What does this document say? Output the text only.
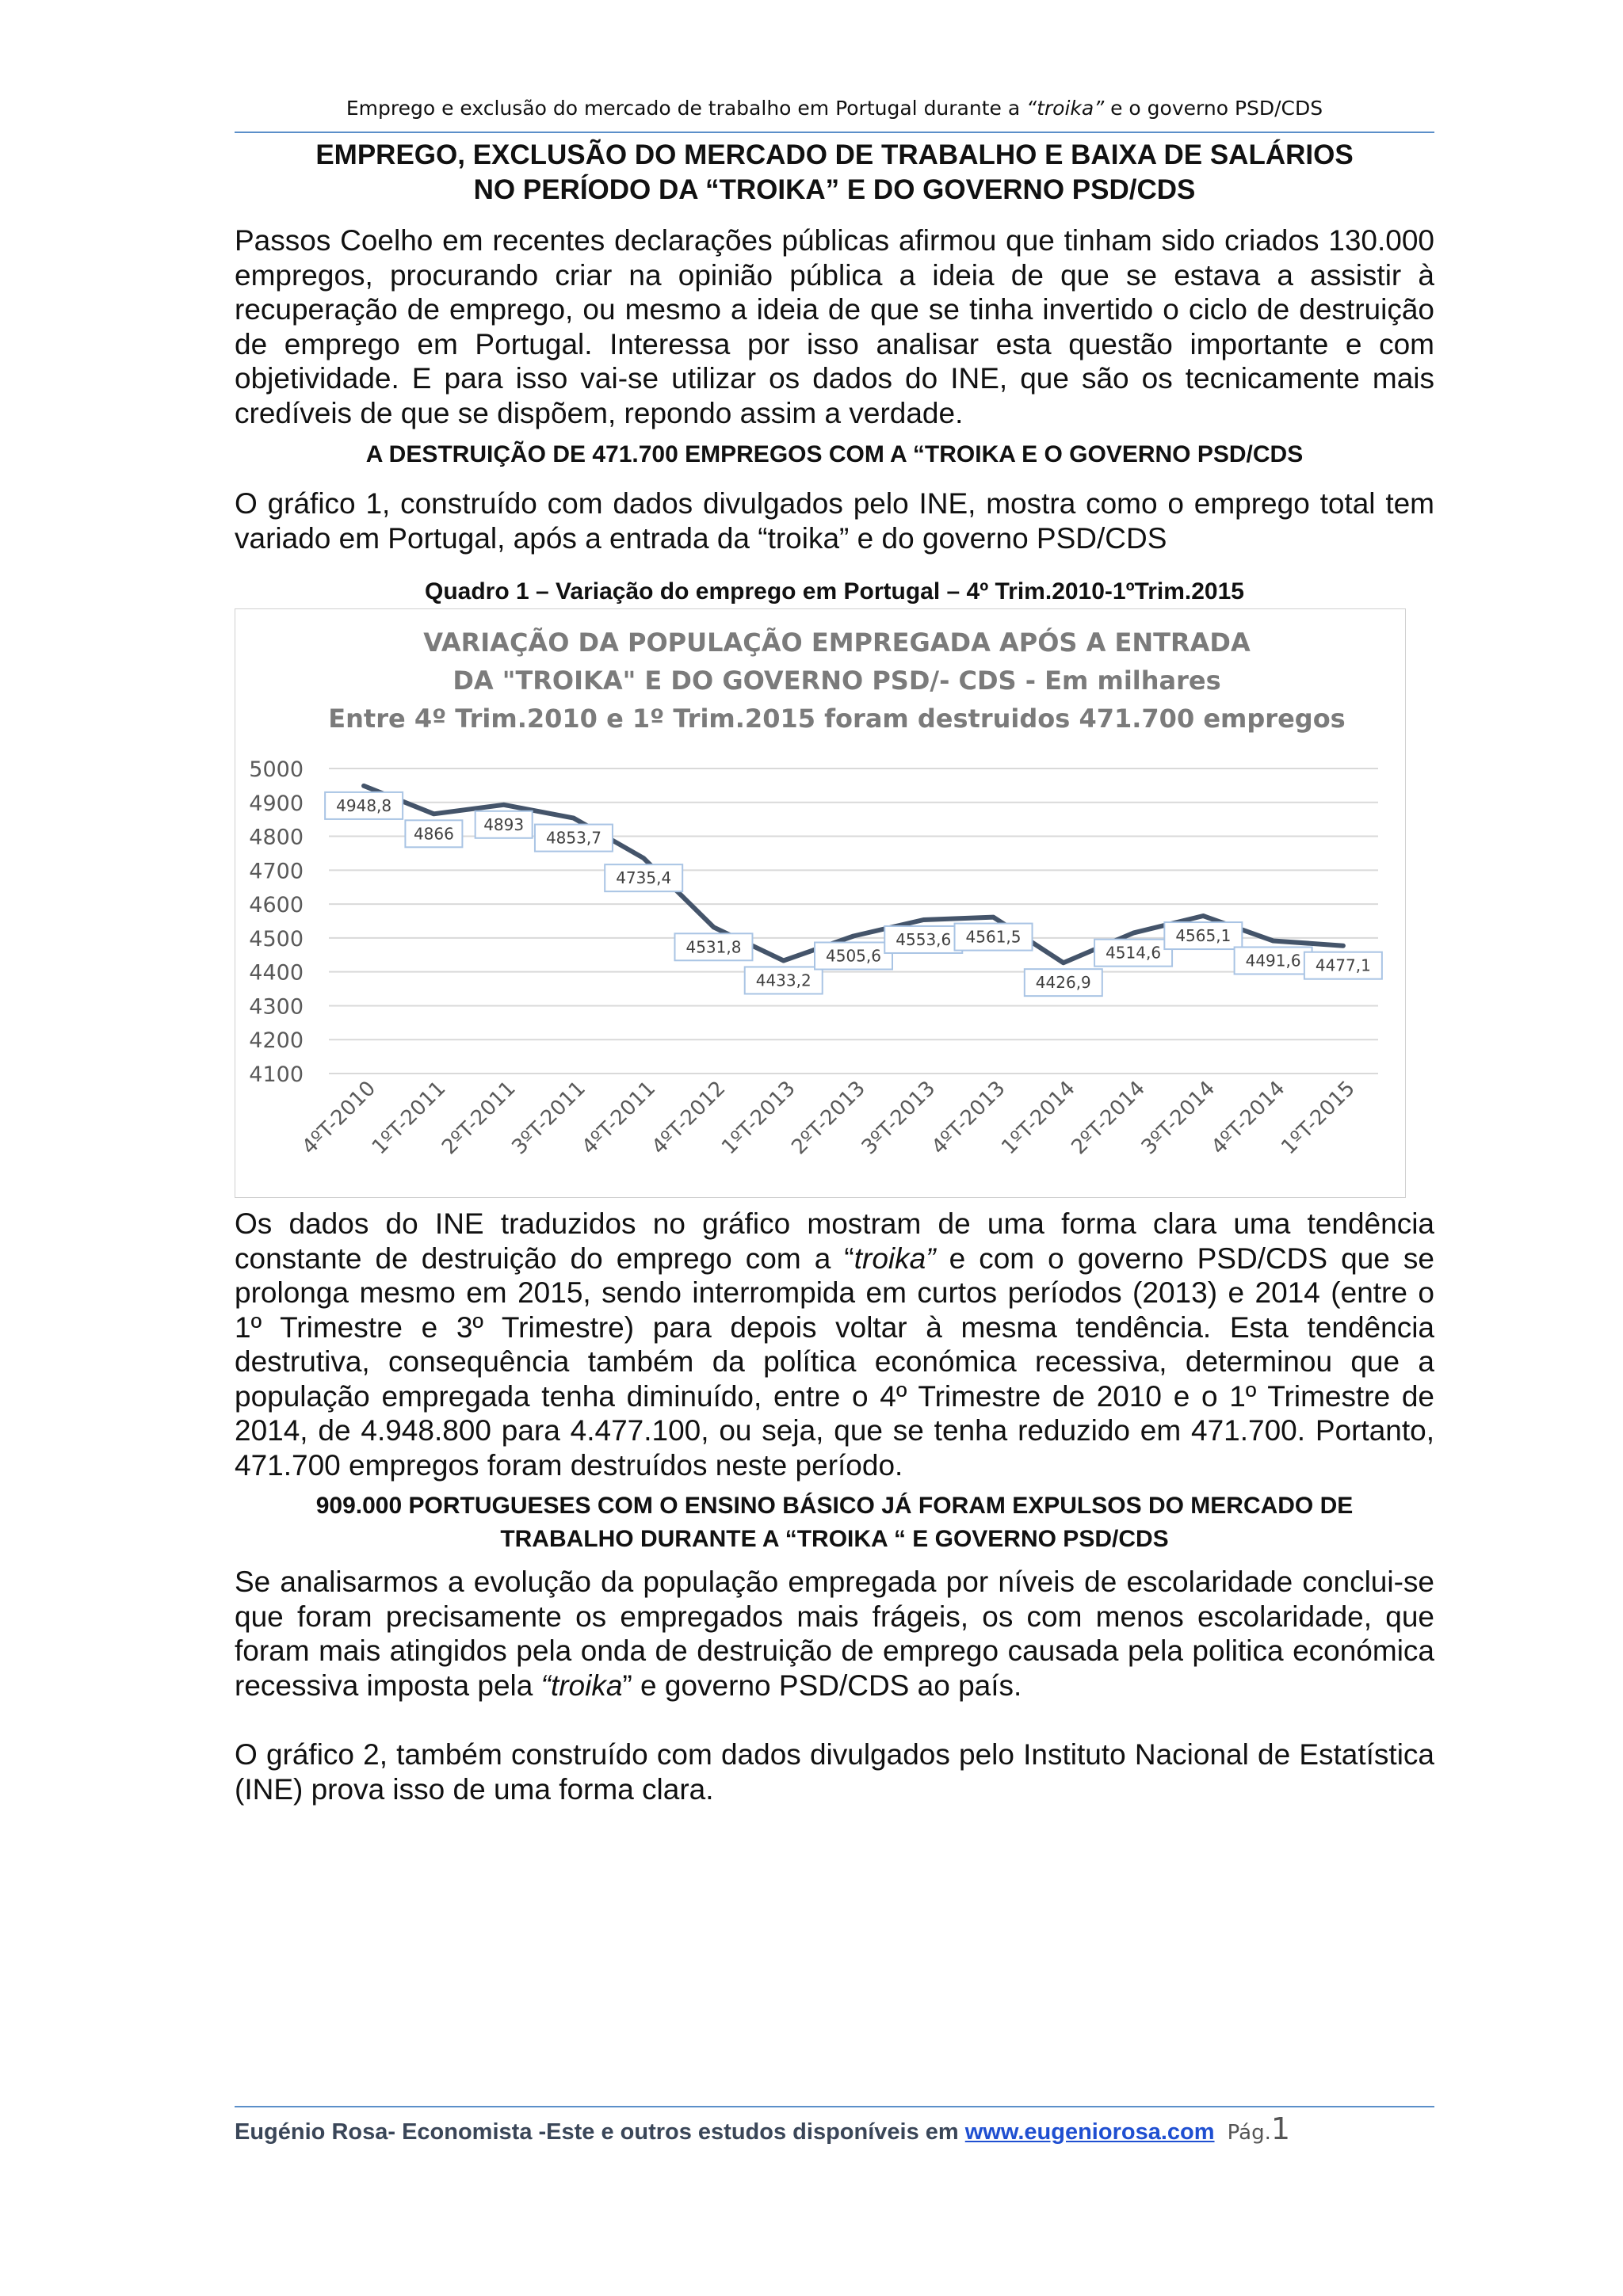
Emprego e exclusão do mercado de trabalho em Portugal durante a “troika” e o governo PSD/CDS
EMPREGO, EXCLUSÃO DO MERCADO DE TRABALHO E BAIXA DE SALÁRIOS
NO PERÍODO DA “TROIKA” E DO GOVERNO PSD/CDS

Passos Coelho em recentes declarações públicas afirmou que tinham sido criados 130.000 empregos, procurando criar na opinião pública a ideia de que se estava a assistir à recuperação de emprego, ou mesmo a ideia de que se tinha invertido o ciclo de destruição de emprego em Portugal. Interessa por isso analisar esta questão importante e com objetividade. E para isso vai-se utilizar os dados do INE, que são os tecnicamente mais credíveis de que se dispõem, repondo assim a verdade.

A DESTRUIÇÃO DE 471.700 EMPREGOS COM A “TROIKA E O GOVERNO PSD/CDS

O gráfico 1, construído com dados divulgados pelo INE, mostra como o emprego total tem variado em Portugal, após a entrada da “troika” e do governo PSD/CDS

Quadro 1 – Variação do emprego em Portugal – 4º Trim.2010-1ºTrim.2015
VARIAÇÃO DA POPULAÇÃO EMPREGADA APÓS A ENTRADA
DA "TROIKA" E DO GOVERNO PSD/- CDS - Em milhares
Entre 4º Trim.2010 e 1º Trim.2015 foram destruidos 471.700 empregos
5000
4900
4800
4700
4600
4500
4400
4300
4200
4100
4948,8
4866 4893
4853,7
4735,4
4531,8
4433,2
4505,6
4553,6 4561,5
4426,9
4514,6
4565,1
4491,6 4477,1
4ºT-2010
1ºT-2011
2ºT-2011
3ºT-2011
4ºT-2011
4ºT-2012
1ºT-2013
2ºT-2013
3ºT-2013
4ºT-2013
1ºT-2014
2ºT-2014
3ºT-2014
4ºT-2014
1ºT-2015

Os dados do INE traduzidos no gráfico mostram de uma forma clara uma tendência constante de destruição do emprego com a “troika” e com o governo PSD/CDS que se prolonga mesmo em 2015, sendo interrompida em curtos períodos (2013) e 2014 (entre o 1º Trimestre e 3º Trimestre) para depois voltar à mesma tendência. Esta tendência destrutiva, consequência também da política económica recessiva, determinou que a população empregada tenha diminuído, entre o 4º Trimestre de 2010 e o 1º Trimestre de 2014, de 4.948.800 para 4.477.100, ou seja, que se tenha reduzido em 471.700. Portanto, 471.700 empregos foram destruídos neste período.

909.000 PORTUGUESES COM O ENSINO BÁSICO JÁ FORAM EXPULSOS DO MERCADO DE
TRABALHO DURANTE A “TROIKA “ E GOVERNO PSD/CDS

Se analisarmos a evolução da população empregada por níveis de escolaridade conclui-se que foram precisamente os empregados mais frágeis, os com menos escolaridade, que foram mais atingidos pela onda de destruição de emprego causada pela politica económica recessiva imposta pela “troika” e governo PSD/CDS ao país.

O gráfico 2, também construído com dados divulgados pelo Instituto Nacional de Estatística (INE) prova isso de uma forma clara.

Eugénio Rosa- Economista -Este e outros estudos disponíveis em www.eugeniorosa.com Pág.1
